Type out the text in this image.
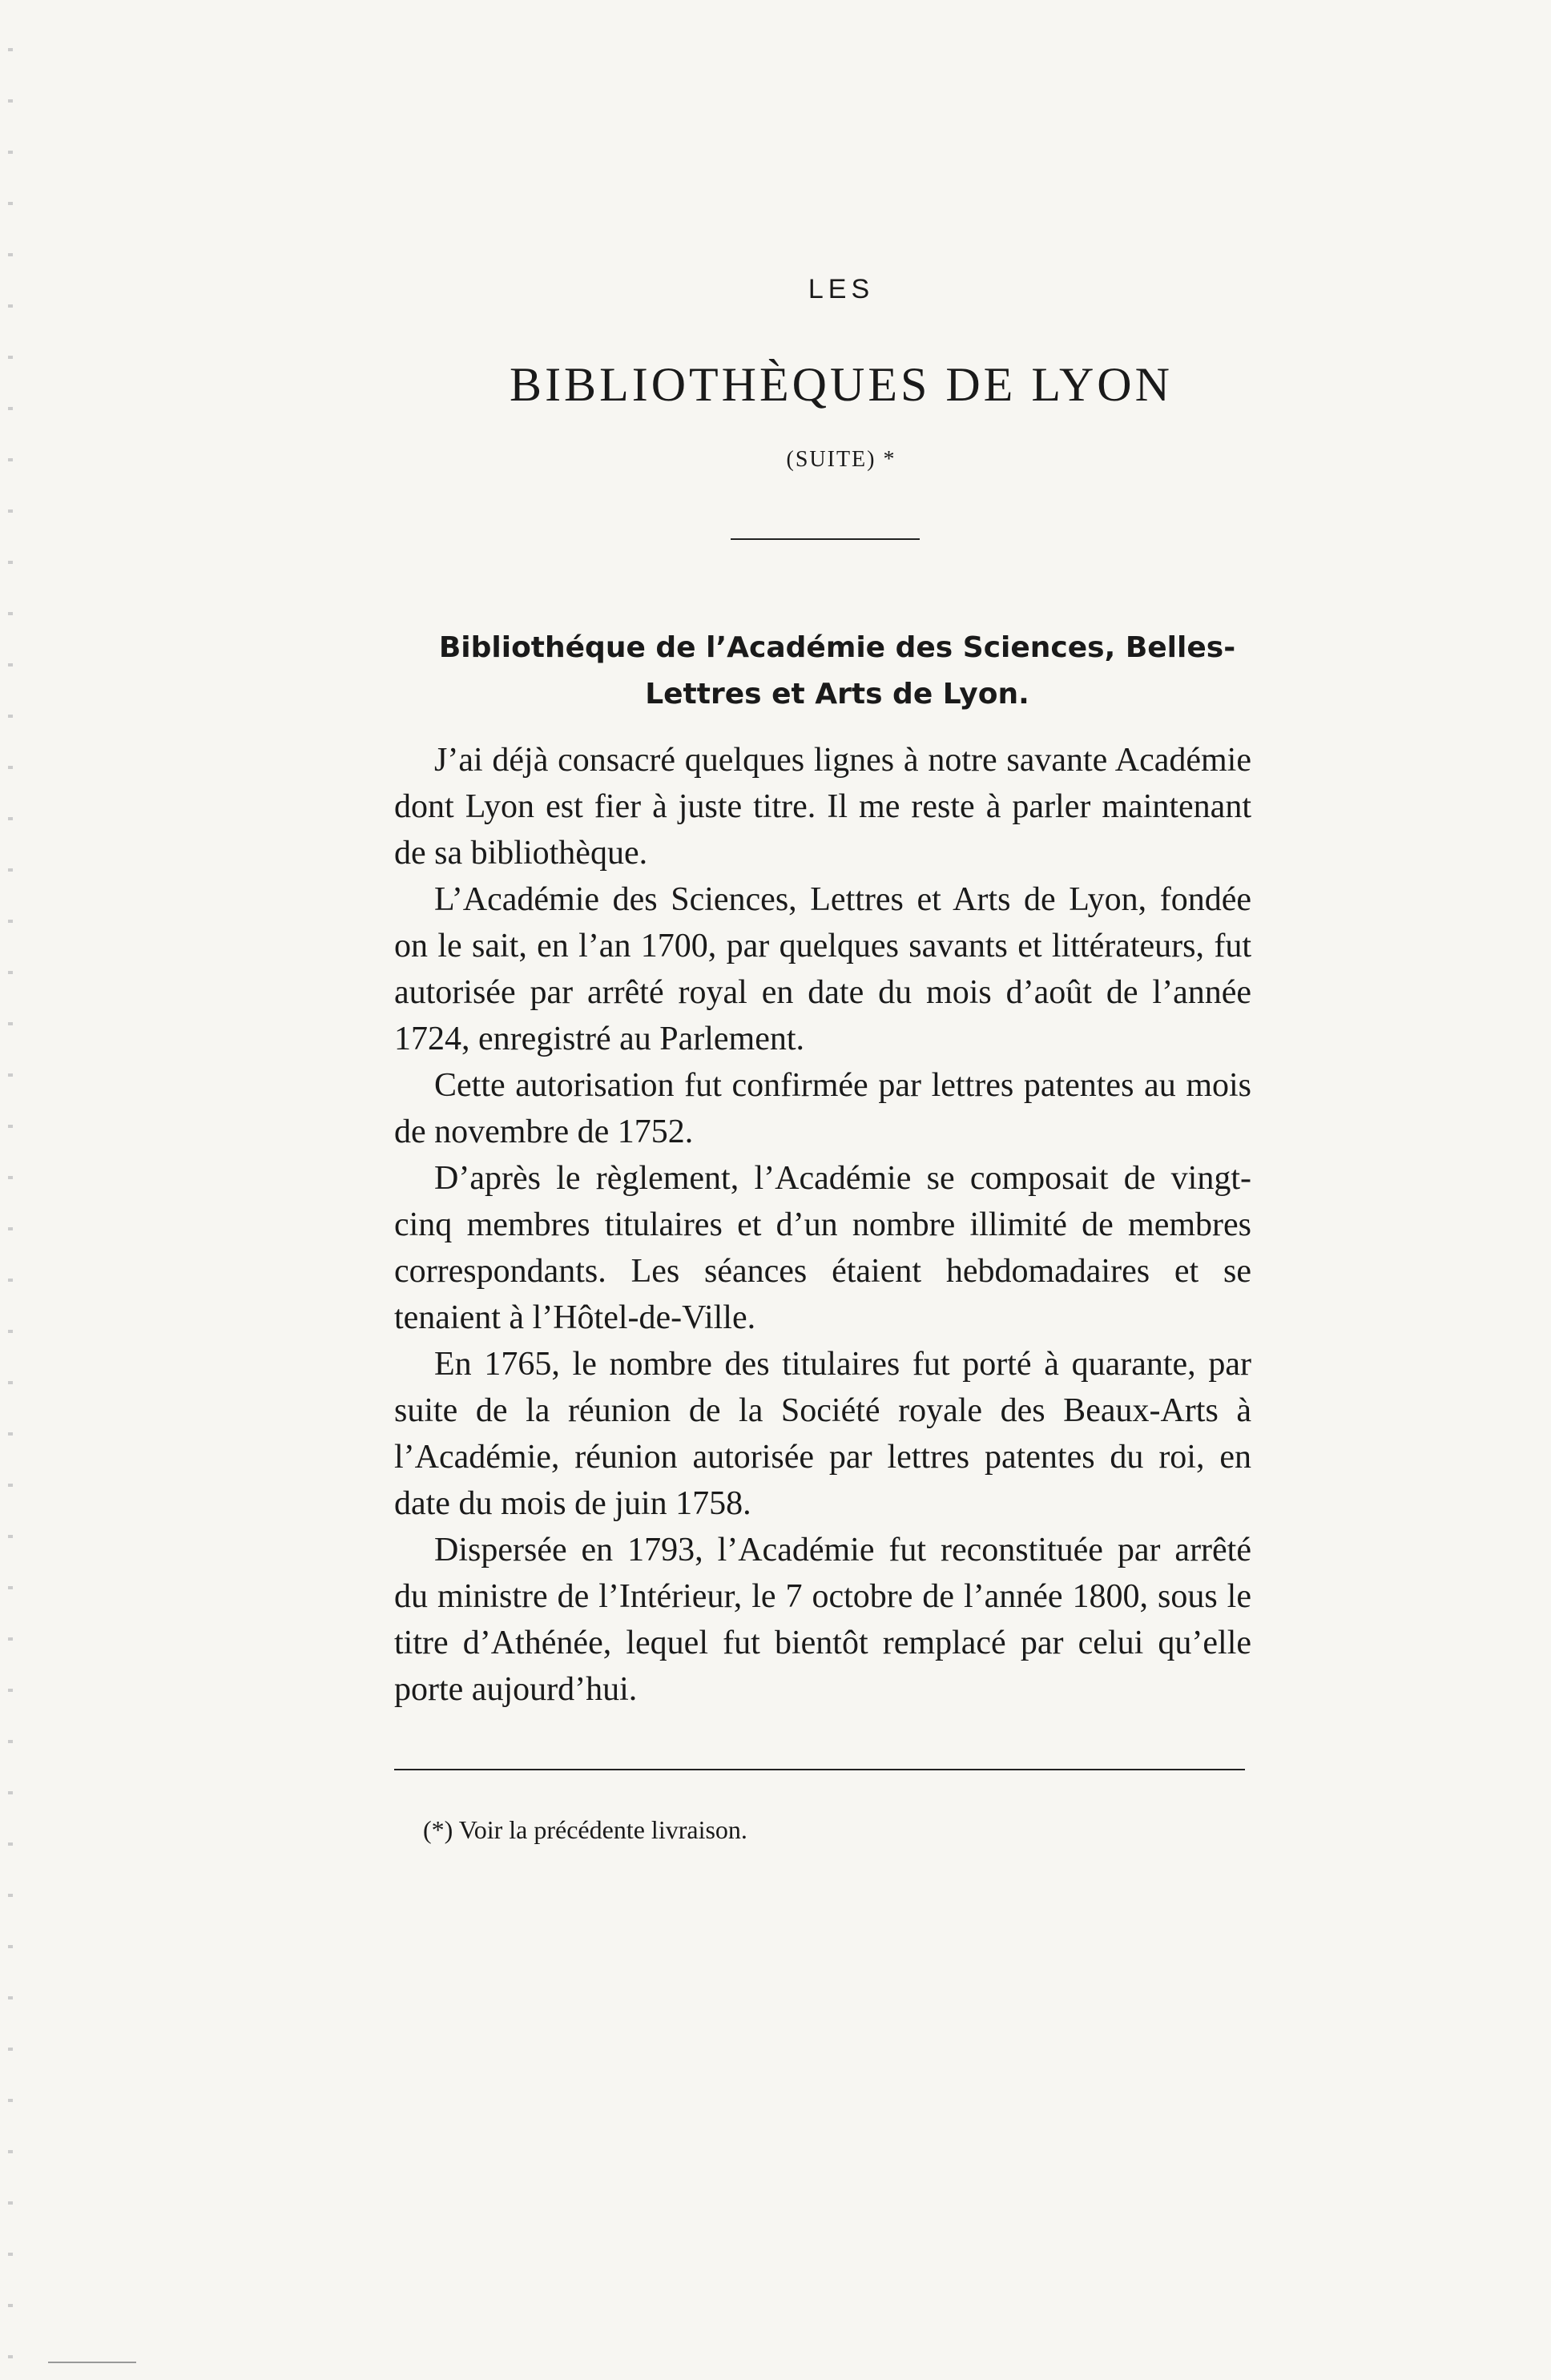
LES
BIBLIOTHÈQUES DE LYON
(SUITE) *
Bibliothéque de l’Académie des Sciences, Belles-
Lettres et Arts de Lyon.

J’ai déjà consacré quelques lignes à notre savante Académie dont Lyon est fier à juste titre. Il me reste à parler maintenant de sa bibliothèque.

L’Académie des Sciences, Lettres et Arts de Lyon, fondée on le sait, en l’an 1700, par quelques savants et littérateurs, fut autorisée par arrêté royal en date du mois d’août de l’année 1724, enregistré au Parlement.

Cette autorisation fut confirmée par lettres patentes au mois de novembre de 1752.

D’après le règlement, l’Académie se composait de vingt-cinq membres titulaires et d’un nombre illimité de membres correspondants. Les séances étaient hebdomadaires et se tenaient à l’Hôtel-de-Ville.

En 1765, le nombre des titulaires fut porté à quarante, par suite de la réunion de la Société royale des Beaux-Arts à l’Académie, réunion autorisée par lettres patentes du roi, en date du mois de juin 1758.

Dispersée en 1793, l’Académie fut reconstituée par arrêté du ministre de l’Intérieur, le 7 octobre de l’année 1800, sous le titre d’Athénée, lequel fut bientôt remplacé par celui qu’elle porte aujourd’hui.

(*) Voir la précédente livraison.
